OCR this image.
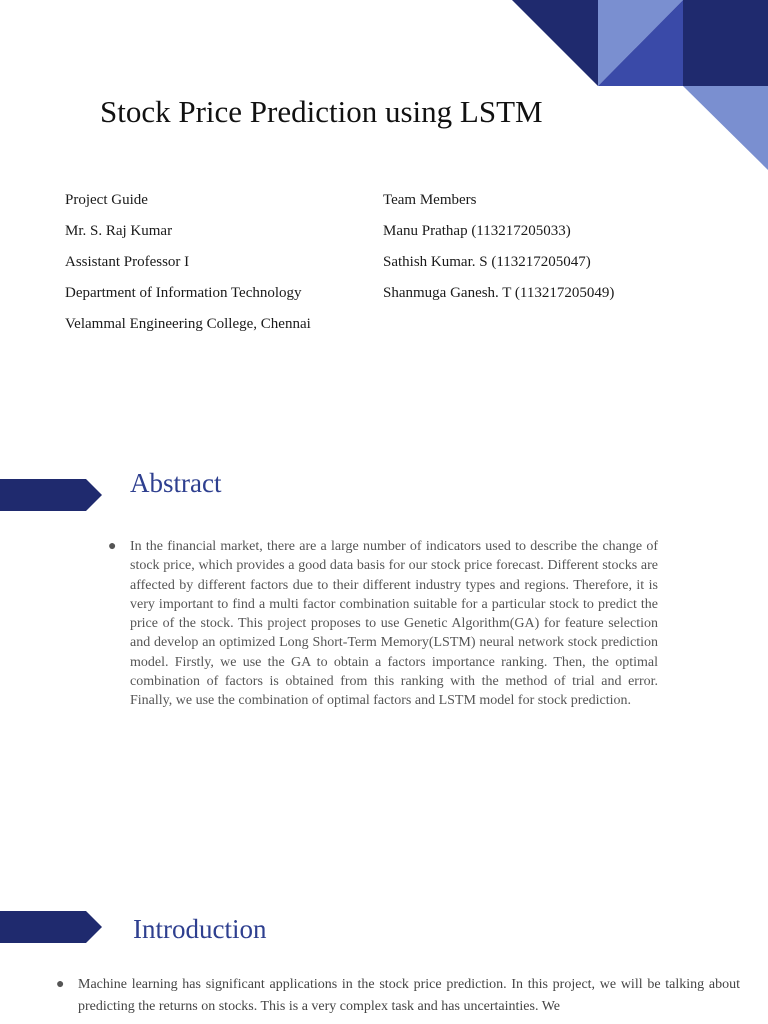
Stock Price Prediction using LSTM
Project Guide
Mr. S. Raj Kumar
Assistant Professor I
Department of Information Technology
Velammal Engineering College, Chennai
Team Members
Manu Prathap (113217205033)
Sathish Kumar. S (113217205047)
Shanmuga Ganesh. T (113217205049)
Abstract
● In the financial market, there are a large number of indicators used to describe the change of stock price, which provides a good data basis for our stock price forecast. Different stocks are affected by different factors due to their different industry types and regions. Therefore, it is very important to find a multi factor combination suitable for a particular stock to predict the price of the stock. This project proposes to use Genetic Algorithm(GA) for feature selection and develop an optimized Long Short-Term Memory(LSTM) neural network stock prediction model. Firstly, we use the GA to obtain a factors importance ranking. Then, the optimal combination of factors is obtained from this ranking with the method of trial and error. Finally, we use the combination of optimal factors and LSTM model for stock prediction.
Introduction
● Machine learning has significant applications in the stock price prediction. In this project, we will be talking about predicting the returns on stocks. This is a very complex task and has uncertainties. We
